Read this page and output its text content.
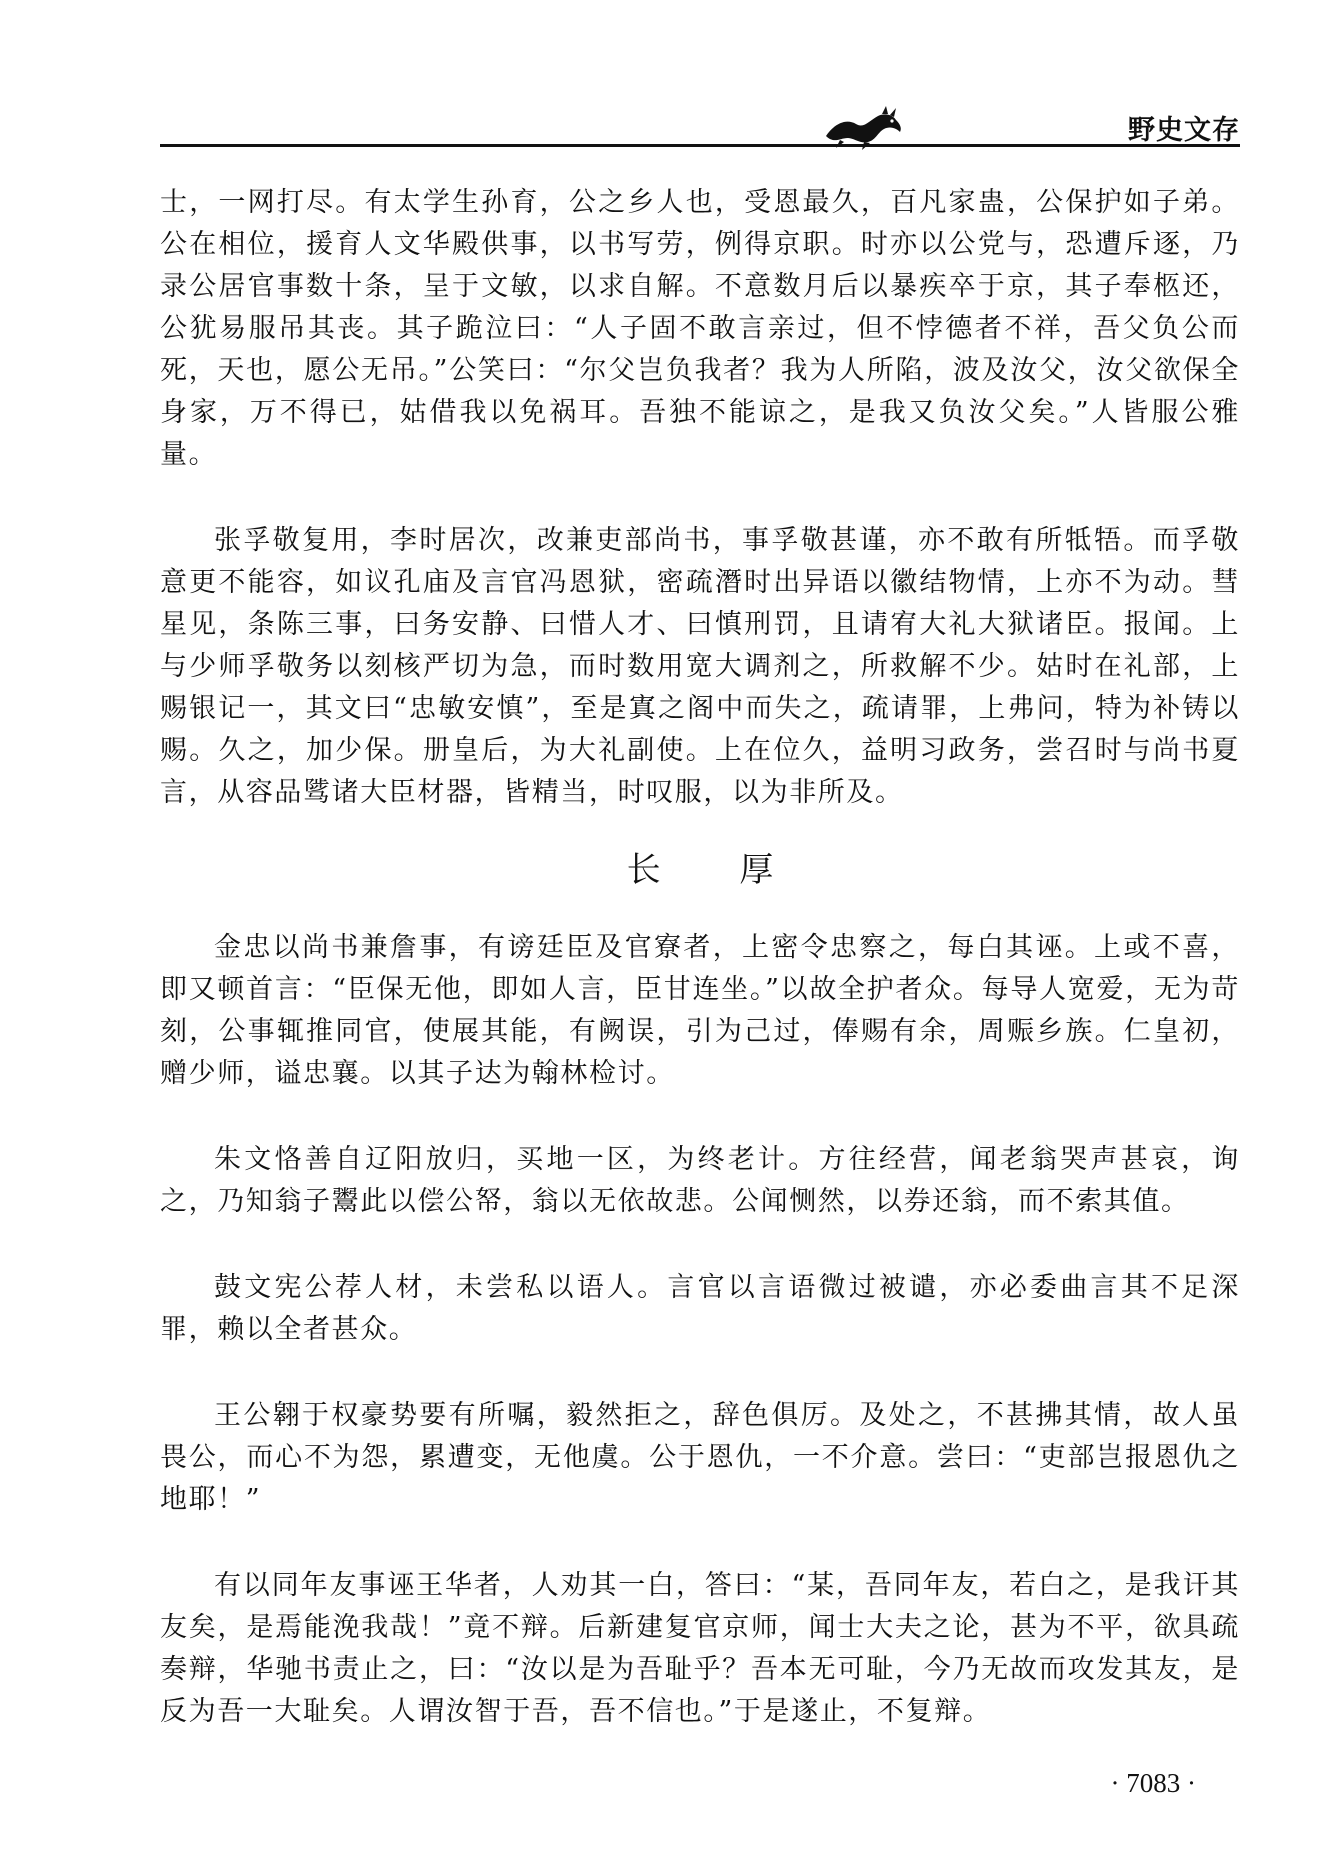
野史文存

士，一网打尽。有太学生孙育，公之乡人也，受恩最久，百凡家蛊，公保护如子弟。公在相位，援育人文华殿供事，以书写劳，例得京职。时亦以公党与，恐遭斥逐，乃录公居官事数十条，呈于文敏，以求自解。不意数月后以暴疾卒于京，其子奉柩还，公犹易服吊其丧。其子跪泣曰：“人子固不敢言亲过，但不悖德者不祥，吾父负公而死，天也，愿公无吊。”公笑曰：“尔父岂负我者？我为人所陷，波及汝父，汝父欲保全身家，万不得已，姑借我以免祸耳。吾独不能谅之，是我又负汝父矣。”人皆服公雅量。

张孚敬复用，李时居次，改兼吏部尚书，事孚敬甚谨，亦不敢有所牴牾。而孚敬意更不能容，如议孔庙及言官冯恩狱，密疏潛时出异语以徽结物情，上亦不为动。彗星见，条陈三事，曰务安静、曰惜人才、曰慎刑罚，且请宥大礼大狱诸臣。报闻。上与少师孚敬务以刻核严切为急，而时数用宽大调剂之，所救解不少。姑时在礼部，上赐银记一，其文曰“忠敏安慎”，至是寘之阁中而失之，疏请罪，上弗问，特为补铸以赐。久之，加少保。册皇后，为大礼副使。上在位久，益明习政务，尝召时与尚书夏言，从容品骘诸大臣材器，皆精当，时叹服，以为非所及。

长 厚

金忠以尚书兼詹事，有谤廷臣及官寮者，上密令忠察之，每白其诬。上或不喜，即又顿首言：“臣保无他，即如人言，臣甘连坐。”以故全护者众。每导人宽爱，无为苛刻，公事辄推同官，使展其能，有阙误，引为己过，俸赐有余，周赈乡族。仁皇初，赠少师，谥忠襄。以其子达为翰林检讨。

朱文恪善自辽阳放归，买地一区，为终老计。方往经营，闻老翁哭声甚哀，询之，乃知翁子鬻此以偿公帑，翁以无依故悲。公闻恻然，以券还翁，而不索其值。

鼓文宪公荐人材，未尝私以语人。言官以言语微过被谴，亦必委曲言其不足深罪，赖以全者甚众。

王公翱于权豪势要有所嘱，毅然拒之，辞色俱厉。及处之，不甚拂其情，故人虽畏公，而心不为怨，累遭变，无他虞。公于恩仇，一不介意。尝曰：“吏部岂报恩仇之地耶！”

有以同年友事诬王华者，人劝其一白，答曰：“某，吾同年友，若白之，是我讦其友矣，是焉能浼我哉！”竟不辩。后新建复官京师，闻士大夫之论，甚为不平，欲具疏奏辩，华驰书责止之，曰：“汝以是为吾耻乎？吾本无可耻，今乃无故而攻发其友，是反为吾一大耻矣。人谓汝智于吾，吾不信也。”于是遂止，不复辩。

· 7083 ·
